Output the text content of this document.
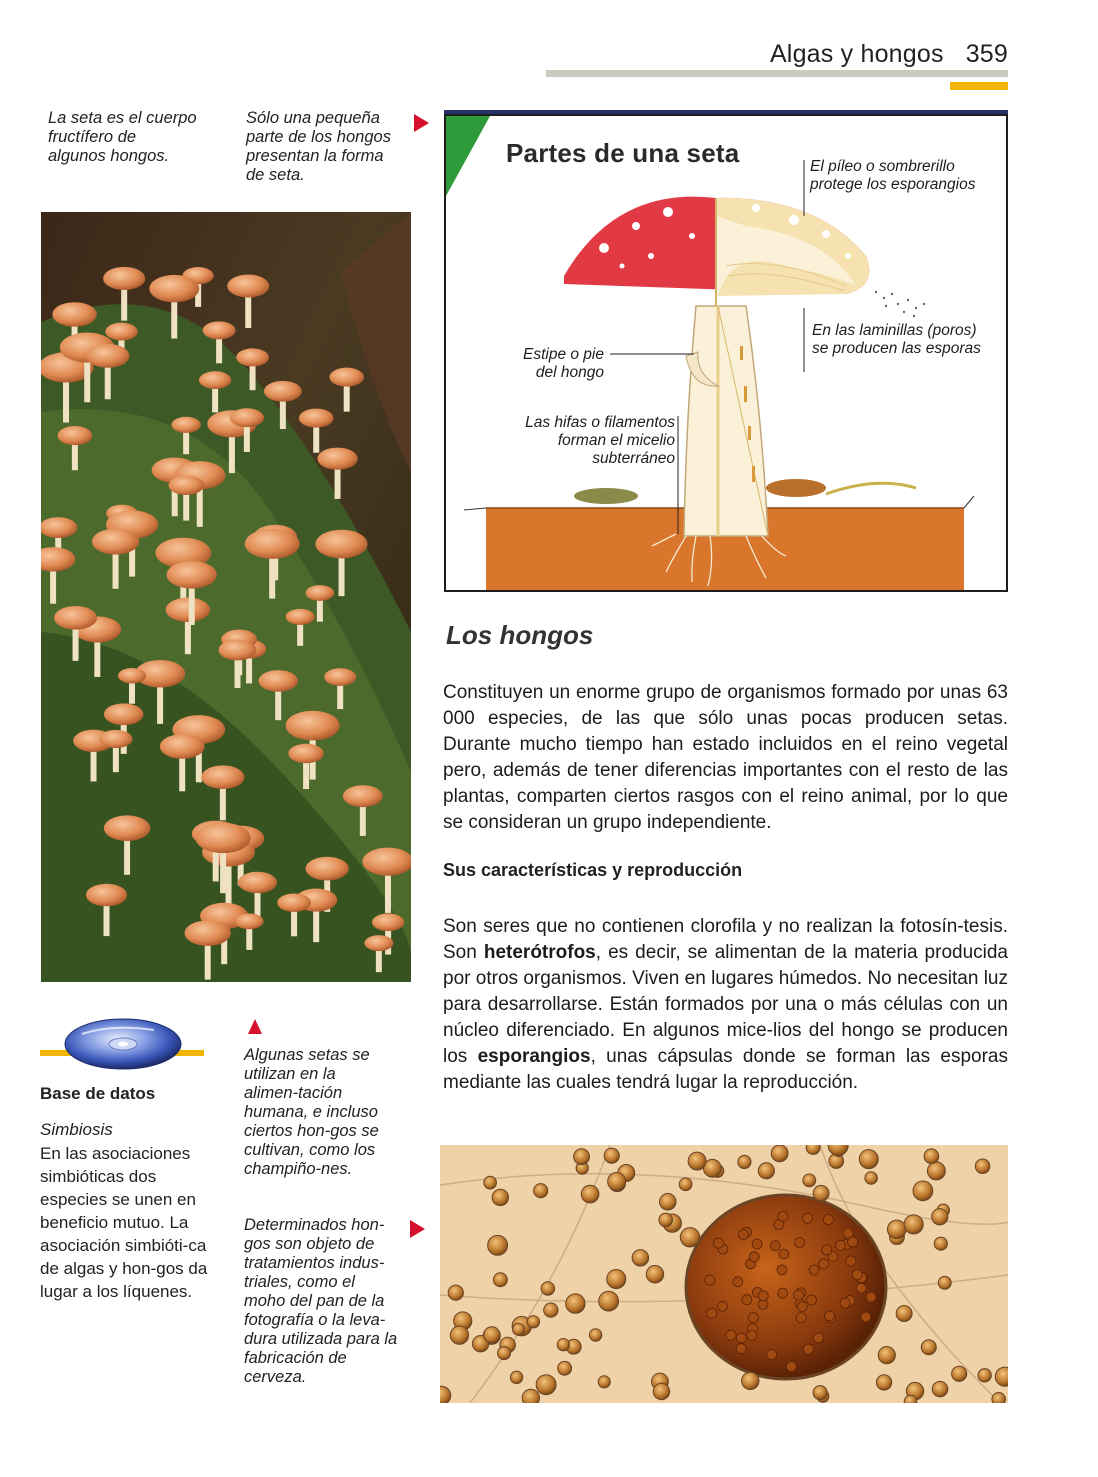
Algas y hongos 359
La seta es el cuerpo fructífero de algunos hongos.
Sólo una pequeña parte de los hongos presentan la forma de seta.
Partes de una seta	El píleo o sombrerillo protege los esporangios
En las laminillas (poros) se producen las esporas
Estipe o pie del hongo
Las hifas o filamentos forman el micelio subterráneo
Los hongos
Constituyen un enorme grupo de organismos formado por unas 63 000 especies, de las que sólo unas pocas producen setas. Durante mucho tiempo han estado incluidos en el reino vegetal pero, además de tener diferencias importantes con el resto de las plantas, comparten ciertos rasgos con el reino animal, por lo que se consideran un grupo independiente.
Sus características y reproducción
Son seres que no contienen clorofila y no realizan la fotosín-tesis. Son heterótrofos, es decir, se alimentan de la materia producida por otros organismos. Viven en lugares húmedos. No necesitan luz para desarrollarse. Están formados por una o más células con un núcleo diferenciado. En algunos mice-lios del hongo se producen los esporangios, unas cápsulas donde se forman las esporas mediante las cuales tendrá lugar la reproducción.
Base de datos
Simbiosis
En las asociaciones simbióticas dos especies se unen en beneficio mutuo. La asociación simbióti-ca de algas y hon-gos da lugar a los líquenes.
Algunas setas se utilizan en la alimen-tación humana, e incluso ciertos hon-gos se cultivan, como los champiño-nes.
Determinados hon-gos son objeto de tratamientos indus-triales, como el moho del pan de la fotografía o la leva-dura utilizada para la fabricación de cerveza.
